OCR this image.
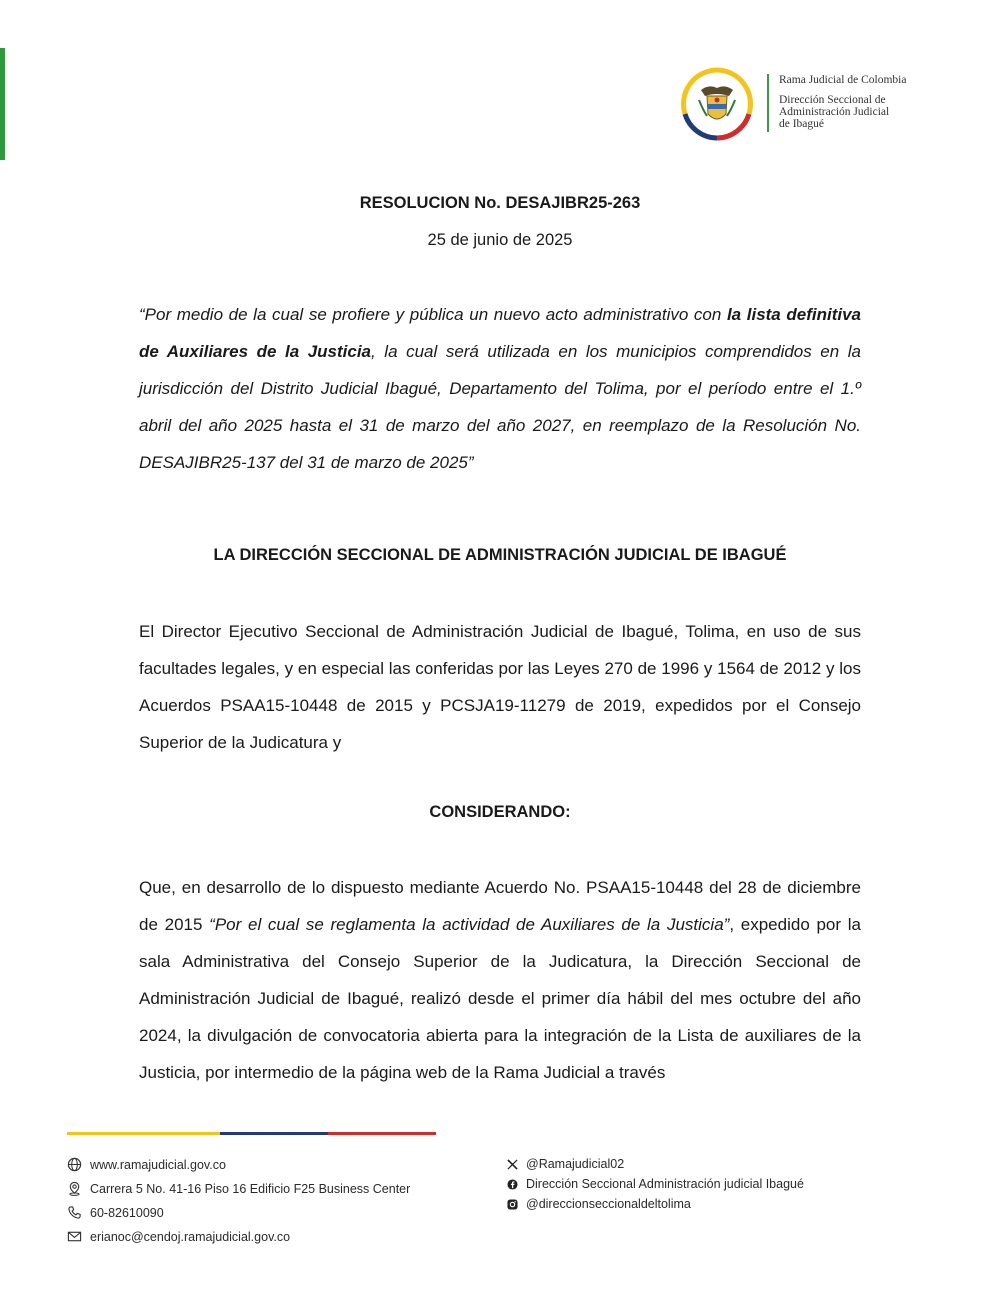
Rama Judicial de Colombia
Dirección Seccional de
Administración Judicial
de Ibagué
RESOLUCION No. DESAJIBR25-263
25 de junio de 2025
“Por medio de la cual se profiere y pública un nuevo acto administrativo con la lista definitiva de Auxiliares de la Justicia, la cual será utilizada en los municipios comprendidos en la jurisdicción del Distrito Judicial Ibagué, Departamento del Tolima, por el período entre el 1.º abril del año 2025 hasta el 31 de marzo del año 2027, en reemplazo de la Resolución No. DESAJIBR25-137 del 31 de marzo de 2025”
LA DIRECCIÓN SECCIONAL DE ADMINISTRACIÓN JUDICIAL DE IBAGUÉ
El Director Ejecutivo Seccional de Administración Judicial de Ibagué, Tolima, en uso de sus facultades legales, y en especial las conferidas por las Leyes 270 de 1996 y 1564 de 2012 y los Acuerdos PSAA15-10448 de 2015 y PCSJA19-11279 de 2019, expedidos por el Consejo Superior de la Judicatura y
CONSIDERANDO:
Que, en desarrollo de lo dispuesto mediante Acuerdo No. PSAA15-10448 del 28 de diciembre de 2015 “Por el cual se reglamenta la actividad de Auxiliares de la Justicia”, expedido por la sala Administrativa del Consejo Superior de la Judicatura, la Dirección Seccional de Administración Judicial de Ibagué, realizó desde el primer día hábil del mes octubre del año 2024, la divulgación de convocatoria abierta para la integración de la Lista de auxiliares de la Justicia, por intermedio de la página web de la Rama Judicial a través
www.ramajudicial.gov.co
Carrera 5 No. 41-16 Piso 16 Edificio F25 Business Center
60-82610090
erianoc@cendoj.ramajudicial.gov.co
@Ramajudicial02
Dirección Seccional Administración judicial Ibagué
@direccionseccionaldeltolima
